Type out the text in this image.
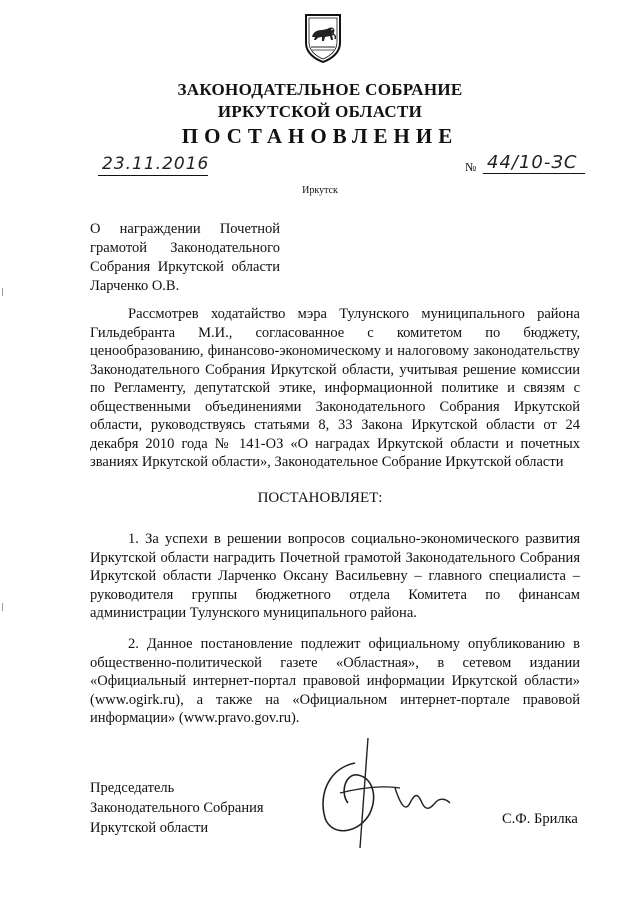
ЗАКОНОДАТЕЛЬНОЕ СОБРАНИЕ
ИРКУТСКОЙ ОБЛАСТИ
ПОСТАНОВЛЕНИЕ
23.11.2016	№ 44/10-ЗС
Иркутск
О награждении Почетной грамотой Законодательного Собрания Иркутской области Ларченко О.В.
Рассмотрев ходатайство мэра Тулунского муниципального района Гильдебранта М.И., согласованное с комитетом по бюджету, ценообразованию, финансово-экономическому и налоговому законодательству Законодательного Собрания Иркутской области, учитывая решение комиссии по Регламенту, депутатской этике, информационной политике и связям с общественными объединениями Законодательного Собрания Иркутской области, руководствуясь статьями 8, 33 Закона Иркутской области от 24 декабря 2010 года № 141-ОЗ «О наградах Иркутской области и почетных званиях Иркутской области», Законодательное Собрание Иркутской области
ПОСТАНОВЛЯЕТ:
1. За успехи в решении вопросов социально-экономического развития Иркутской области наградить Почетной грамотой Законодательного Собрания Иркутской области Ларченко Оксану Васильевну – главного специалиста – руководителя группы бюджетного отдела Комитета по финансам администрации Тулунского муниципального района.
2. Данное постановление подлежит официальному опубликованию в общественно-политической газете «Областная», в сетевом издании «Официальный интернет-портал правовой информации Иркутской области» (www.ogirk.ru), а также на «Официальном интернет-портале правовой информации» (www.pravo.gov.ru).
Председатель
Законодательного Собрания
Иркутской области
С.Ф. Брилка
